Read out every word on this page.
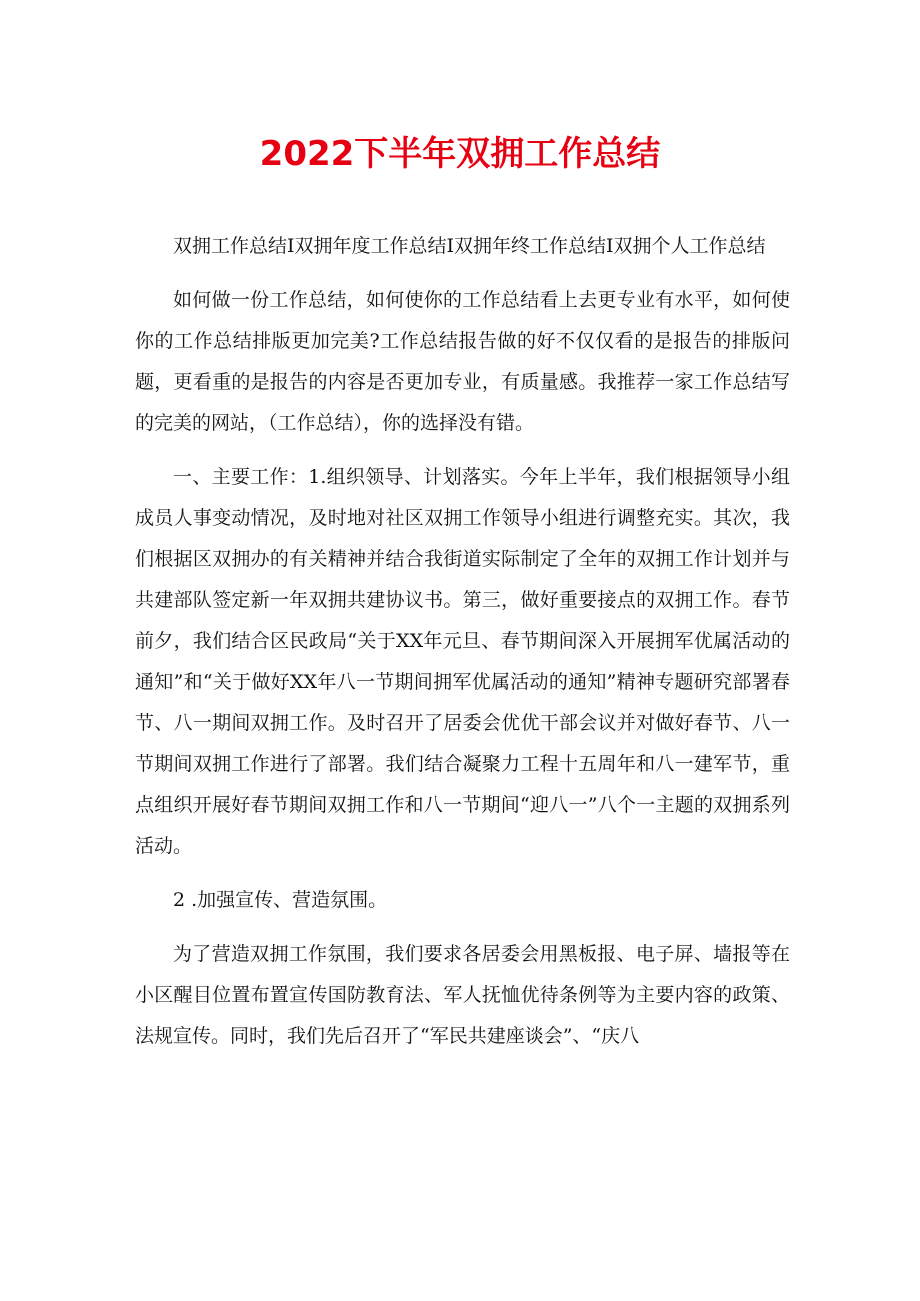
2022下半年双拥工作总结

双拥工作总结I双拥年度工作总结I双拥年终工作总结I双拥个人工作总结

如何做一份工作总结，如何使你的工作总结看上去更专业有水平，如何使你的工作总结排版更加完美?工作总结报告做的好不仅仅看的是报告的排版问题，更看重的是报告的内容是否更加专业，有质量感。我推荐一家工作总结写的完美的网站，（工作总结），你的选择没有错。

一、主要工作：1.组织领导、计划落实。今年上半年，我们根据领导小组成员人事变动情况，及时地对社区双拥工作领导小组进行调整充实。其次，我们根据区双拥办的有关精神并结合我街道实际制定了全年的双拥工作计划并与共建部队签定新一年双拥共建协议书。第三，做好重要接点的双拥工作。春节前夕，我们结合区民政局“关于XX年元旦、春节期间深入开展拥军优属活动的通知”和“关于做好XX年八一节期间拥军优属活动的通知”精神专题研究部署春节、八一期间双拥工作。及时召开了居委会优优干部会议并对做好春节、八一节期间双拥工作进行了部署。我们结合凝聚力工程十五周年和八一建军节，重点组织开展好春节期间双拥工作和八一节期间“迎八一”八个一主题的双拥系列活动。

2 .加强宣传、营造氛围。

为了营造双拥工作氛围，我们要求各居委会用黑板报、电子屏、墙报等在小区醒目位置布置宣传国防教育法、军人抚恤优待条例等为主要内容的政策、法规宣传。同时，我们先后召开了“军民共建座谈会”、“庆八
